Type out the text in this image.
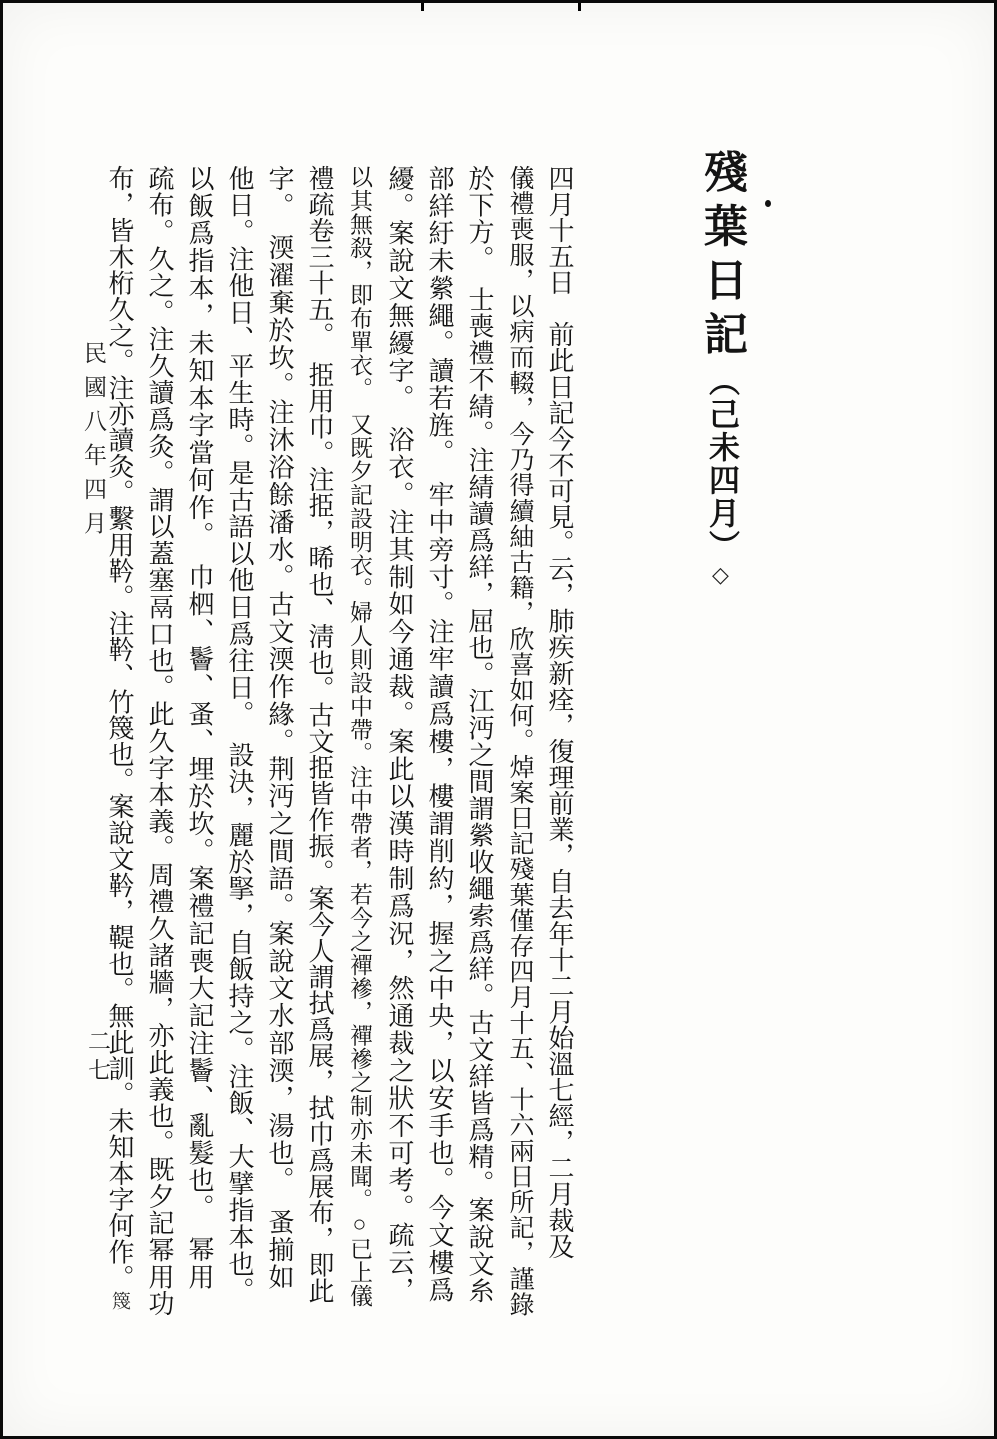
殘葉日記（己未四月）◇
四月十五日　前此日記今不可見。云，肺疾新痊，復理前業，自去年十二月始溫七經，二月裁及 儀禮喪服，以病而輟，今乃得續紬古籍，欣喜如何。焯案日記殘葉僅存四月十五、十六兩日所記，謹錄 於下方。　士喪禮不綪。注綪讀爲絴，屈也。江沔之間謂縈收繩索爲絴。古文絴皆爲精。案說文糸 部絴紆未縈繩。讀若旌。　牢中旁寸。注牢讀爲樓，樓謂削約，握之中央，以安手也。今文樓爲 纋。案說文無纋字。　浴衣。注其制如今通裁。案此以漢時制爲況，然通裁之狀不可考。疏云， 以其無殺，即布單衣。　又既夕記設明衣。婦人則設中帶。注中帶者，若今之襌襂，襌襂之制亦未聞。○已上儀 禮疏卷三十五。　挋用巾。注挋，晞也、淸也。古文挋皆作振。案今人謂拭爲展，拭巾爲展布，即此 字。　渜濯棄於坎。注沐浴餘潘水。古文渜作緣。荆沔之間語。案說文水部渜，湯也。　蚤揃如 他日。注他日、平生時。是古語以他日爲往日。　設決，麗於掔，自飯持之。注飯、大擘指本也。 以飯爲指本，未知本字當何作。　巾柶、鬠、蚤、埋於坎。案禮記喪大記注鬠、亂髮也。　幂用 疏布。久之。注久讀爲灸。謂以蓋塞鬲口也。此久字本義。周禮久諸牆，亦此義也。既夕記幂用功 布，皆木桁久之。注亦讀灸。繫用靲。注靲、竹篾也。案說文靲，鞮也。無此訓。未知本字何作。篾
民國八年四月
二七
